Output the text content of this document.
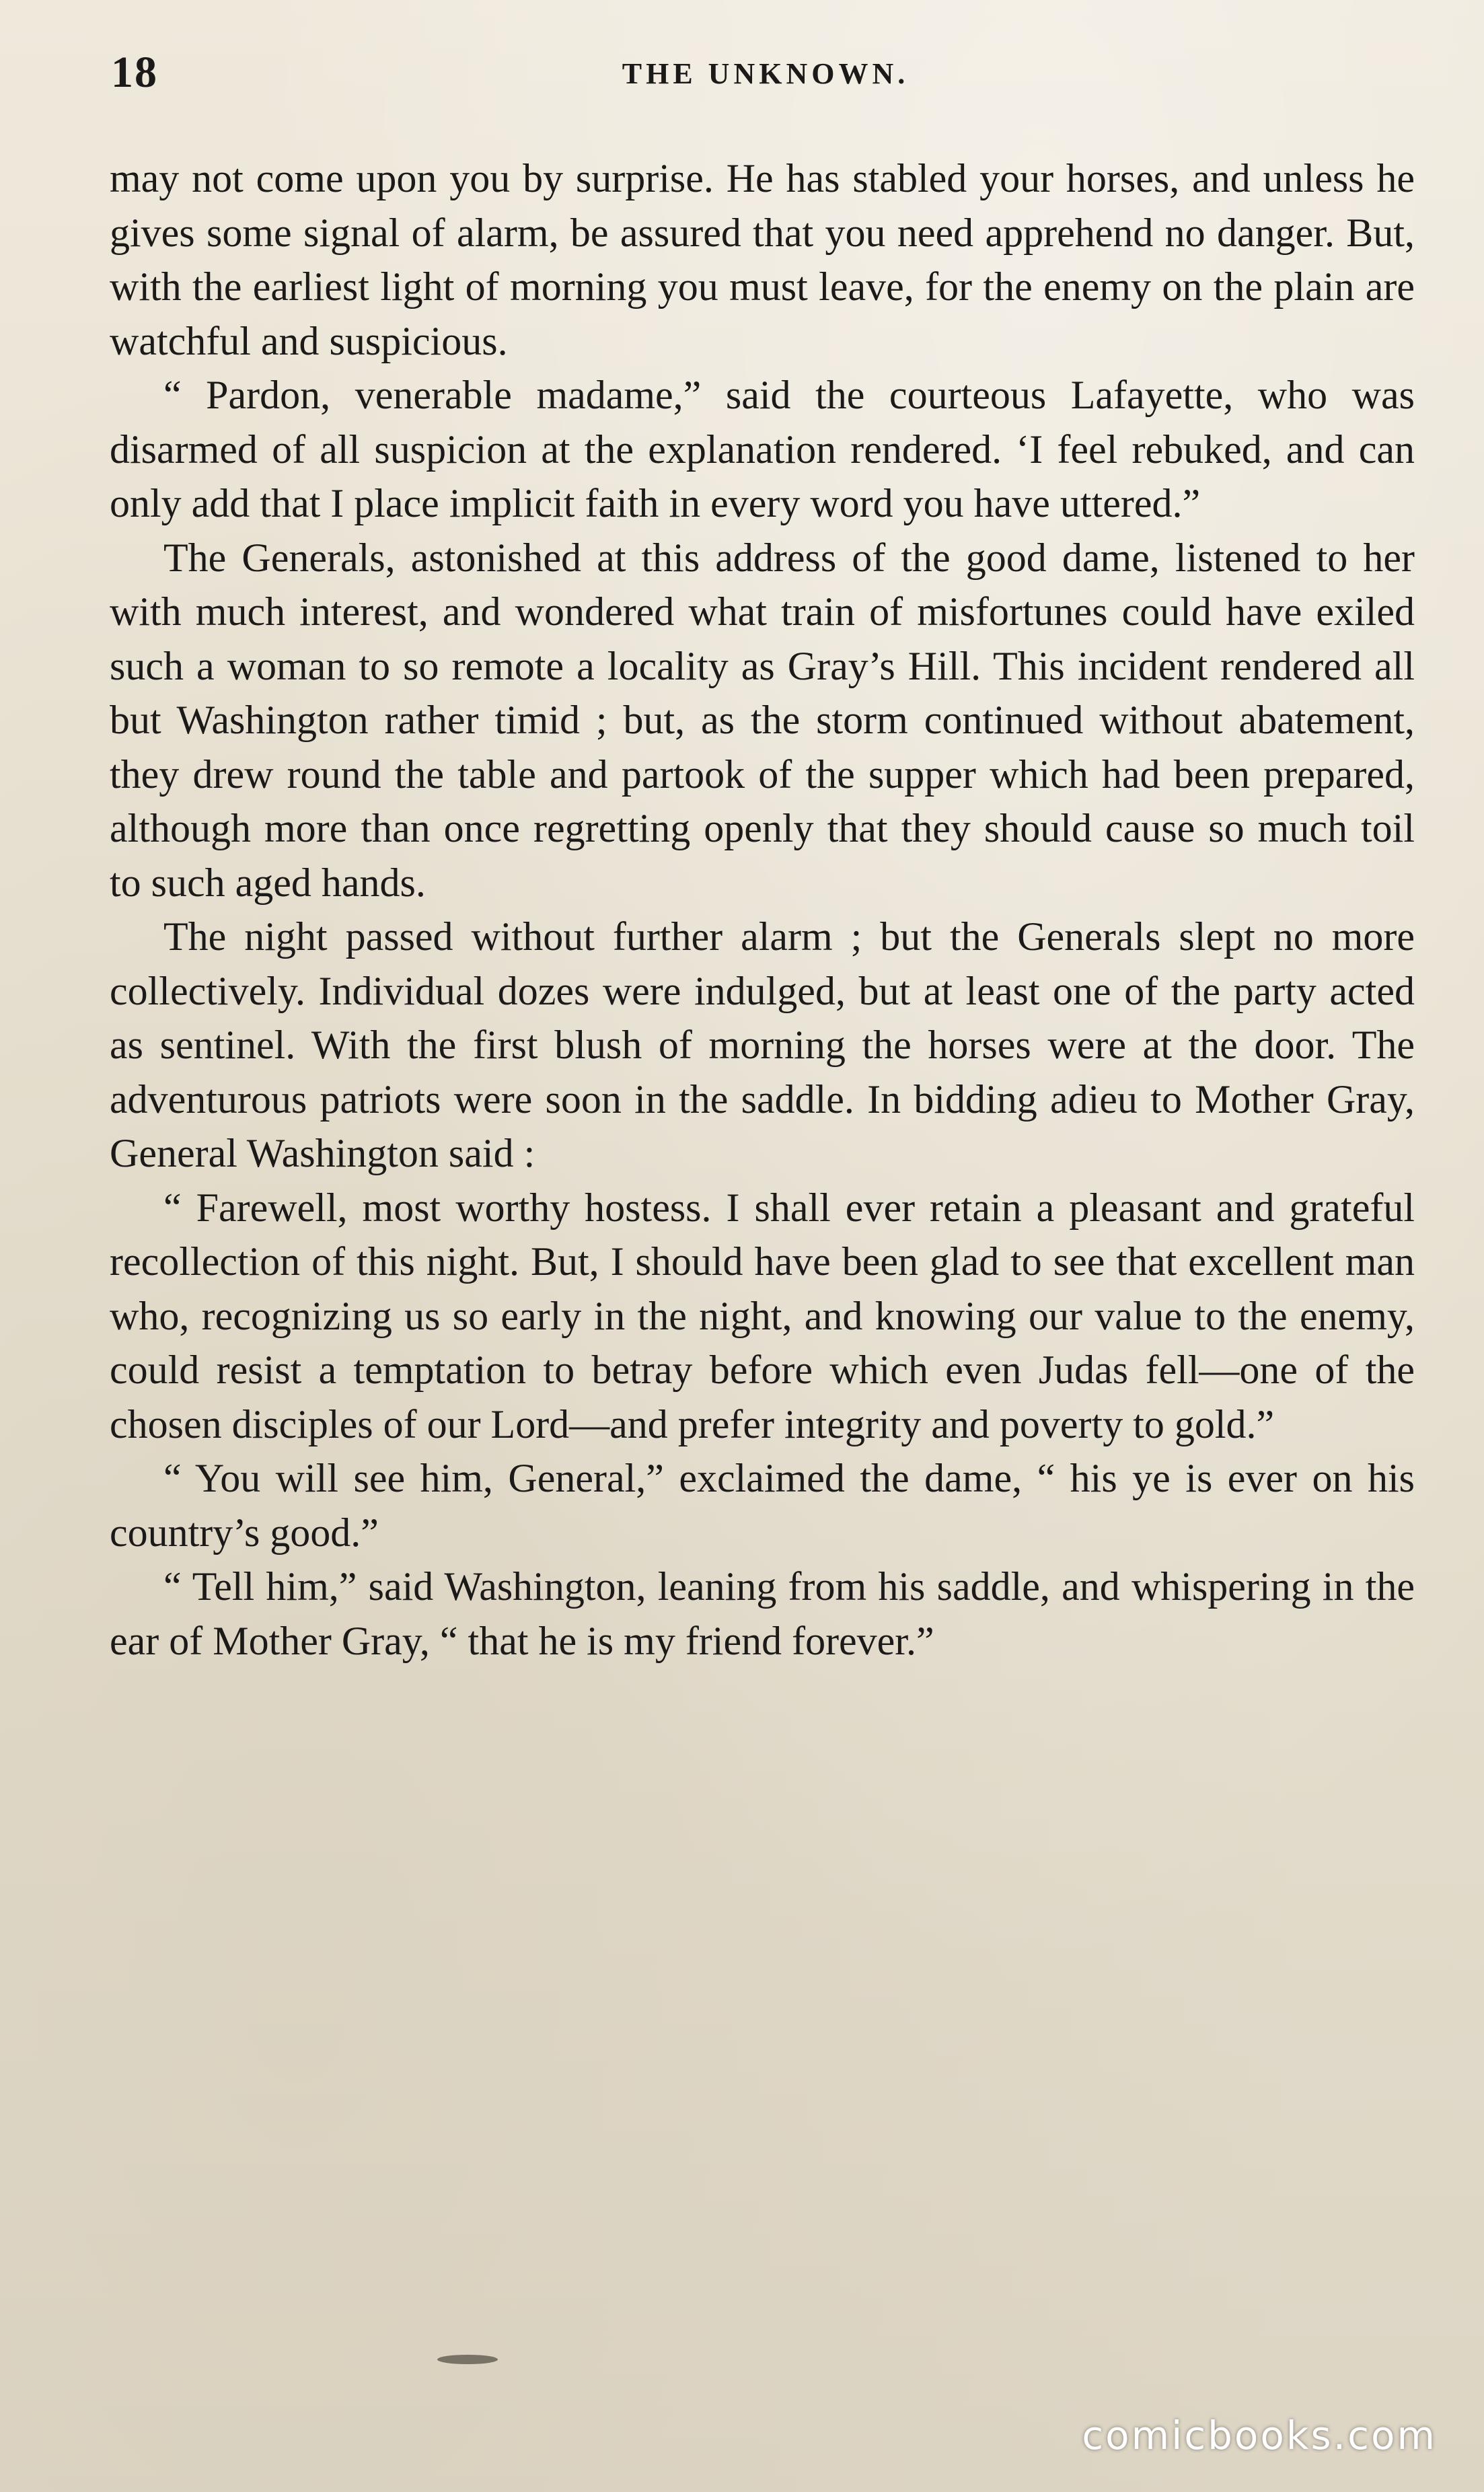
18	THE UNKNOWN.

may not come upon you by surprise. He has stabled your horses, and unless he gives some signal of alarm, be assured that you need apprehend no danger. But, with the earliest light of morning you must leave, for the enemy on the plain are watchful and suspicious.

“ Pardon, venerable madame,” said the courteous Lafayette, who was disarmed of all suspicion at the explanation rendered. ‘I feel rebuked, and can only add that I place implicit faith in every word you have uttered.”

The Generals, astonished at this address of the good dame, listened to her with much interest, and wondered what train of misfortunes could have exiled such a woman to so remote a locality as Gray’s Hill. This incident rendered all but Washington rather timid ; but, as the storm continued without abatement, they drew round the table and partook of the supper which had been prepared, although more than once regretting openly that they should cause so much toil to such aged hands.

The night passed without further alarm ; but the Generals slept no more collectively. Individual dozes were indulged, but at least one of the party acted as sentinel. With the first blush of morning the horses were at the door. The adventurous patriots were soon in the saddle. In bidding adieu to Mother Gray, General Washington said :

“ Farewell, most worthy hostess. I shall ever retain a pleasant and grateful recollection of this night. But, I should have been glad to see that excellent man who, recognizing us so early in the night, and knowing our value to the enemy, could resist a temptation to betray before which even Judas fell—one of the chosen disciples of our Lord—and prefer integrity and poverty to gold.”

“ You will see him, General,” exclaimed the dame, “ his ye is ever on his country’s good.”

“ Tell him,” said Washington, leaning from his saddle, and whispering in the ear of Mother Gray, “ that he is my friend forever.”

comicbooks.com
